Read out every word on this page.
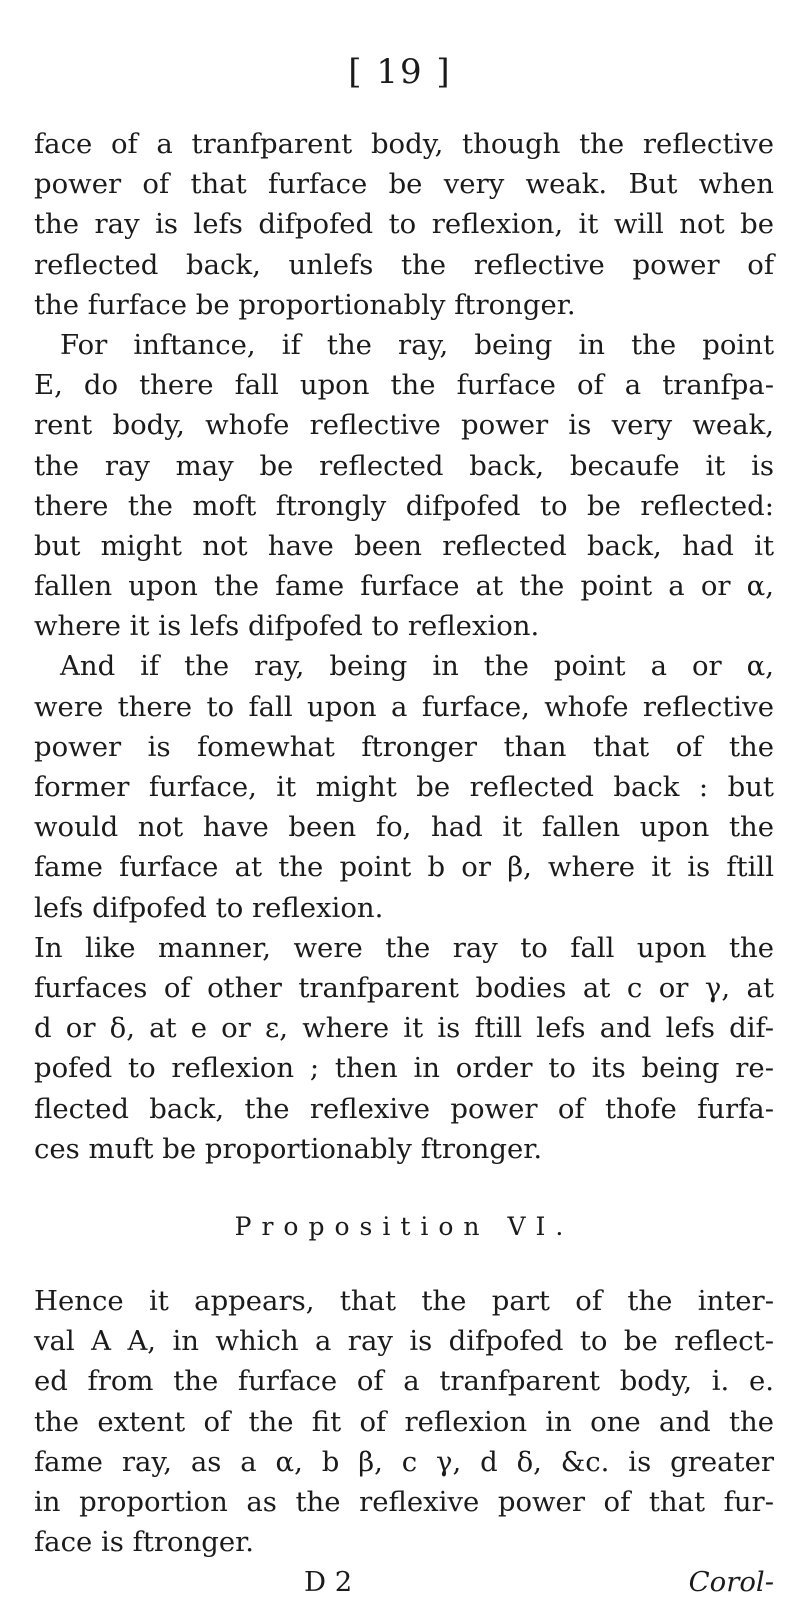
[ 19 ]
face of a tranfparent body, though the reflective
power of that furface be very weak. But when
the ray is lefs difpofed to reflexion, it will not be
reflected back, unlefs the reflective power of
the furface be proportionably ftronger.
For inftance, if the ray, being in the point
E, do there fall upon the furface of a tranfpa-
rent body, whofe reflective power is very weak,
the ray may be reflected back, becaufe it is
there the moft ftrongly difpofed to be reflected:
but might not have been reflected back, had it
fallen upon the fame furface at the point a or α,
where it is lefs difpofed to reflexion.
And if the ray, being in the point a or α,
were there to fall upon a furface, whofe reflective
power is fomewhat ftronger than that of the
former furface, it might be reflected back : but
would not have been fo, had it fallen upon the
fame furface at the point b or β, where it is ftill
lefs difpofed to reflexion.
In like manner, were the ray to fall upon the
furfaces of other tranfparent bodies at c or γ, at
d or δ, at e or ε, where it is ftill lefs and lefs dif-
pofed to reflexion ; then in order to its being re-
flected back, the reflexive power of thofe furfa-
ces muft be proportionably ftronger.
Proposition VI.
Hence it appears, that the part of the inter-
val A A, in which a ray is difpofed to be reflect-
ed from the furface of a tranfparent body, i. e.
the extent of the fit of reflexion in one and the
fame ray, as a α, b β, c γ, d δ, &c. is greater
in proportion as the reflexive power of that fur-
face is ftronger.
D 2	Corol-
